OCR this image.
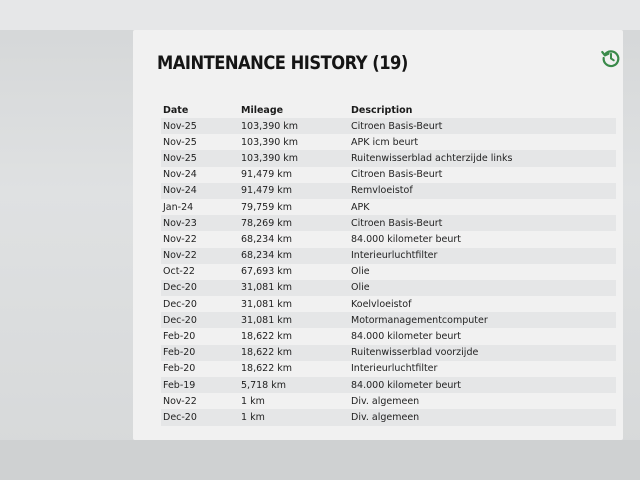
MAINTENANCE HISTORY (19)
Date	Mileage	Description
Nov-25	103,390 km	Citroen Basis-Beurt
Nov-25	103,390 km	APK icm beurt
Nov-25	103,390 km	Ruitenwisserblad achterzijde links
Nov-24	91,479 km	Citroen Basis-Beurt
Nov-24	91,479 km	Remvloeistof
Jan-24	79,759 km	APK
Nov-23	78,269 km	Citroen Basis-Beurt
Nov-22	68,234 km	84.000 kilometer beurt
Nov-22	68,234 km	Interieurluchtfilter
Oct-22	67,693 km	Olie
Dec-20	31,081 km	Olie
Dec-20	31,081 km	Koelvloeistof
Dec-20	31,081 km	Motormanagementcomputer
Feb-20	18,622 km	84.000 kilometer beurt
Feb-20	18,622 km	Ruitenwisserblad voorzijde
Feb-20	18,622 km	Interieurluchtfilter
Feb-19	5,718 km	84.000 kilometer beurt
Nov-22	1 km	Div. algemeen
Dec-20	1 km	Div. algemeen
